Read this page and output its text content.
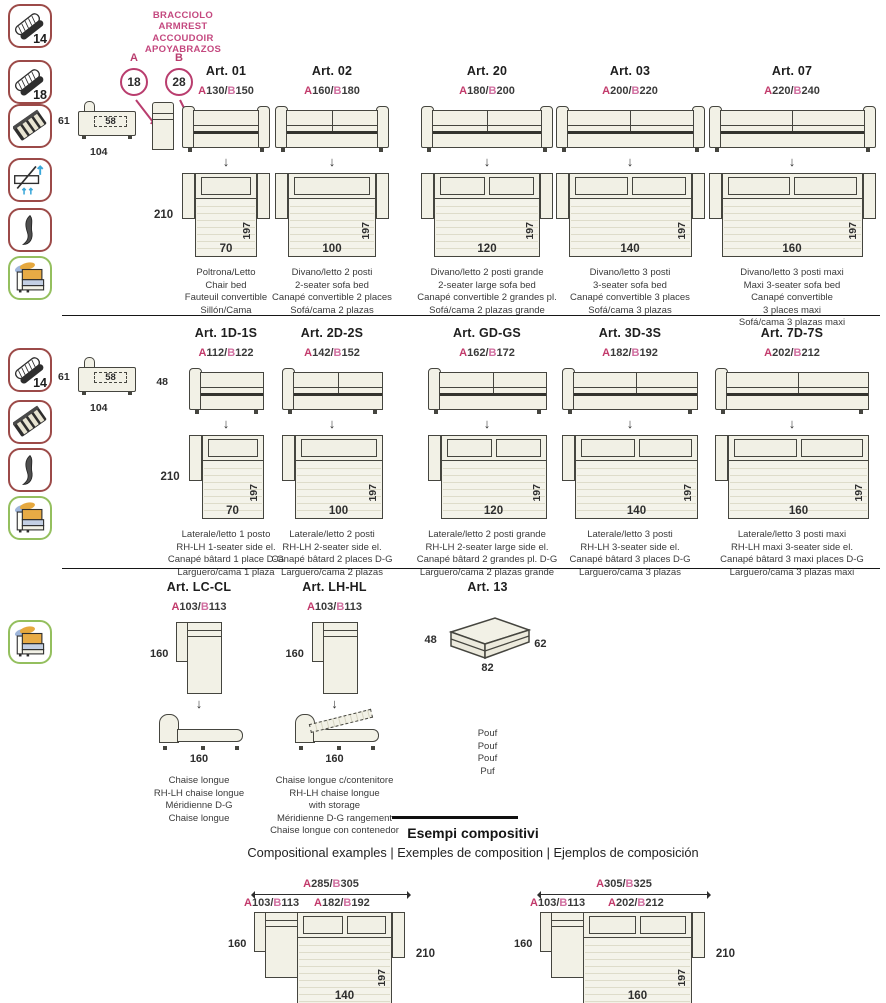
14
18
BRACCIOLO
ARMREST
ACCOUDOIR
APOYABRAZOS
A	B
18	28
58
61
104
Art. 01
A130/B150
↓
210
197
70
Poltrona/Letto
Chair bed
Fauteuil convertible
Sillón/Cama
Art. 02
A160/B180
↓
197
100
Divano/letto 2 posti
2-seater sofa bed
Canapé convertible 2 places
Sofá/cama 2 plazas
Art. 20
A180/B200
↓
197
120
Divano/letto 2 posti grande
2-seater large sofa bed
Canapé convertible 2 grandes pl.
Sofá/cama 2 plazas grande
Art. 03
A200/B220
↓
197
140
Divano/letto 3 posti
3-seater sofa bed
Canapé convertible 3 places
Sofá/cama 3 plazas
Art. 07
A220/B240
↓
197
160
Divano/letto 3 posti maxi
Maxi 3-seater sofa bed
Canapé convertible
3 places maxi
Sofá/cama 3 plazas maxi
14	58
61	48
104
Art. 1D-1S
A112/B122
↓
210
197
70
Laterale/letto 1 posto
RH-LH 1-seater side el.
Canapé bâtard 1 place D-G
Larguero/cama 1 plaza
Art. 2D-2S
A142/B152
↓
197
100
Laterale/letto 2 posti
RH-LH 2-seater side el.
Canapé bâtard 2 places D-G
Larguero/cama 2 plazas
Art. GD-GS
A162/B172
↓
197
120
Laterale/letto 2 posti grande
RH-LH 2-seater large side el.
Canapé bâtard 2 grandes pl. D-G
Larguero/cama 2 plazas grande
Art. 3D-3S
A182/B192
↓
197
140
Laterale/letto 3 posti
RH-LH 3-seater side el.
Canapé bâtard 3 places D-G
Larguero/cama 3 plazas
Art. 7D-7S
A202/B212
↓
197
160
Laterale/letto 3 posti maxi
RH-LH maxi 3-seater side el.
Canapé bâtard 3 maxi places D-G
Larguero/cama 3 plazas maxi
Art. LC-CL
A103/B113
160
↓
160
Chaise longue
RH-LH chaise longue
Méridienne D-G
Chaise longue
Art. LH-HL
A103/B113
160
↓
160
Chaise longue c/contenitore
RH-LH chaise longue
with storage
Méridienne D-G rangement
Chaise longue con contenedor
Art. 13
48	62
82
Pouf
Pouf
Pouf
Puf
Esempi compositivi
Compositional examples | Exemples de composition | Ejemplos de composición
A285/B305
A103/B113 A182/B192
160
210
197
140
A305/B325
A103/B113 A202/B212
160
210
197
160
